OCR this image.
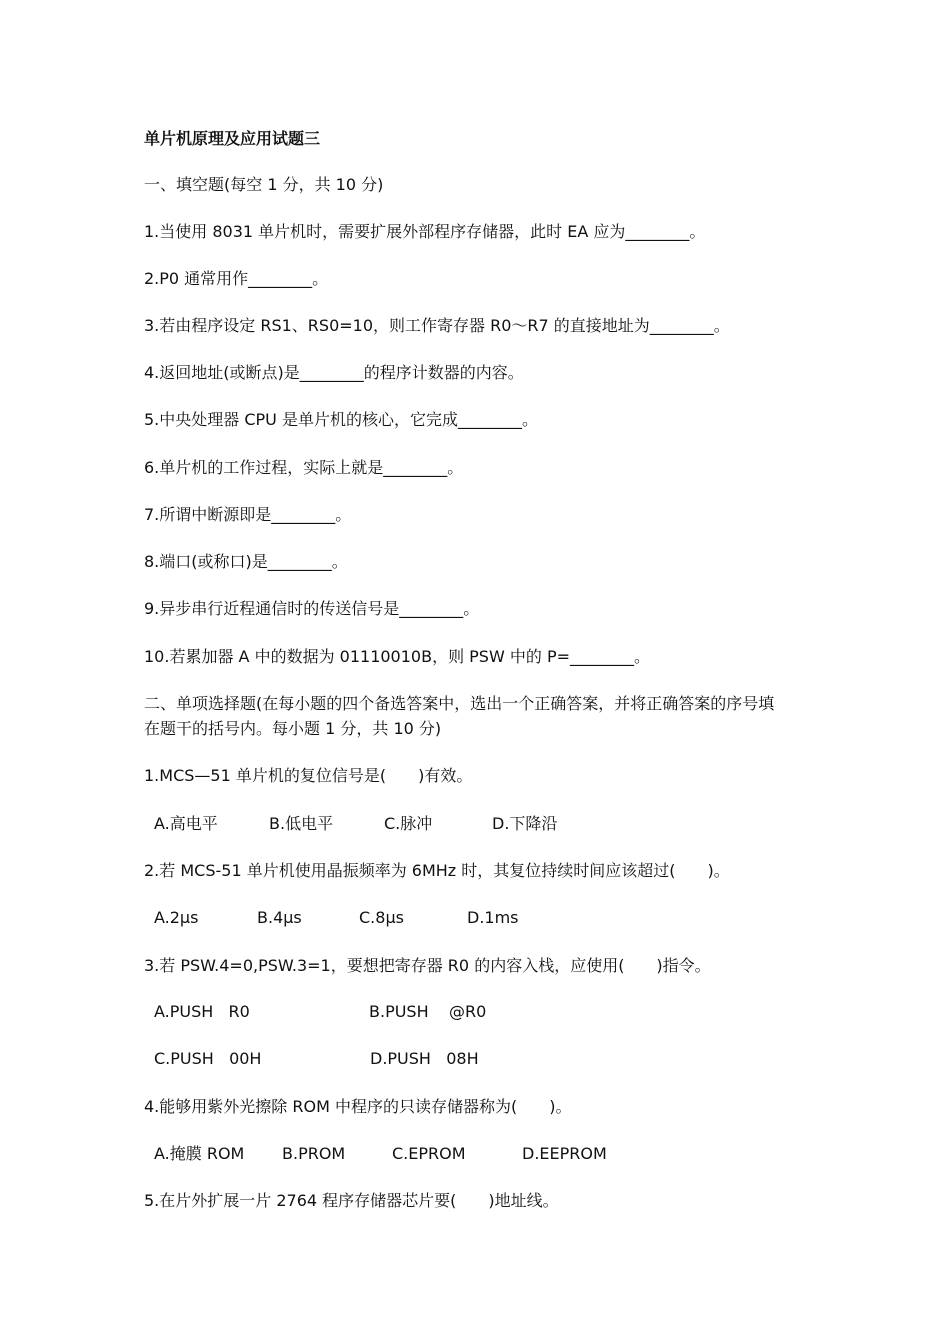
单片机原理及应用试题三
一、填空题(每空 1 分，共 10 分)
1.当使用 8031 单片机时，需要扩展外部程序存储器，此时 EA 应为________。
2.P0 通常用作________。
3.若由程序设定 RS1、RS0=10，则工作寄存器 R0～R7 的直接地址为________。
4.返回地址(或断点)是________的程序计数器的内容。
5.中央处理器 CPU 是单片机的核心，它完成________。
6.单片机的工作过程，实际上就是________。
7.所谓中断源即是________。
8.端口(或称口)是________。
9.异步串行近程通信时的传送信号是________。
10.若累加器 A 中的数据为 01110010B，则 PSW 中的 P=________。
二、单项选择题(在每小题的四个备选答案中，选出一个正确答案，并将正确答案的序号填
在题干的括号内。每小题 1 分，共 10 分)
1.MCS—51 单片机的复位信号是(　　)有效。
A.高电平	B.低电平	C.脉冲	D.下降沿
2.若 MCS-51 单片机使用晶振频率为 6MHz 时，其复位持续时间应该超过(　　)。
A.2μs	B.4μs	C.8μs	D.1ms
3.若 PSW.4=0,PSW.3=1，要想把寄存器 R0 的内容入栈，应使用(　　)指令。
A.PUSH   R0	B.PUSH    @R0
C.PUSH   00H	D.PUSH   08H
4.能够用紫外光擦除 ROM 中程序的只读存储器称为(　　)。
A.掩膜 ROM B.PROM	C.EPROM	D.EEPROM
5.在片外扩展一片 2764 程序存储器芯片要(　　)地址线。
